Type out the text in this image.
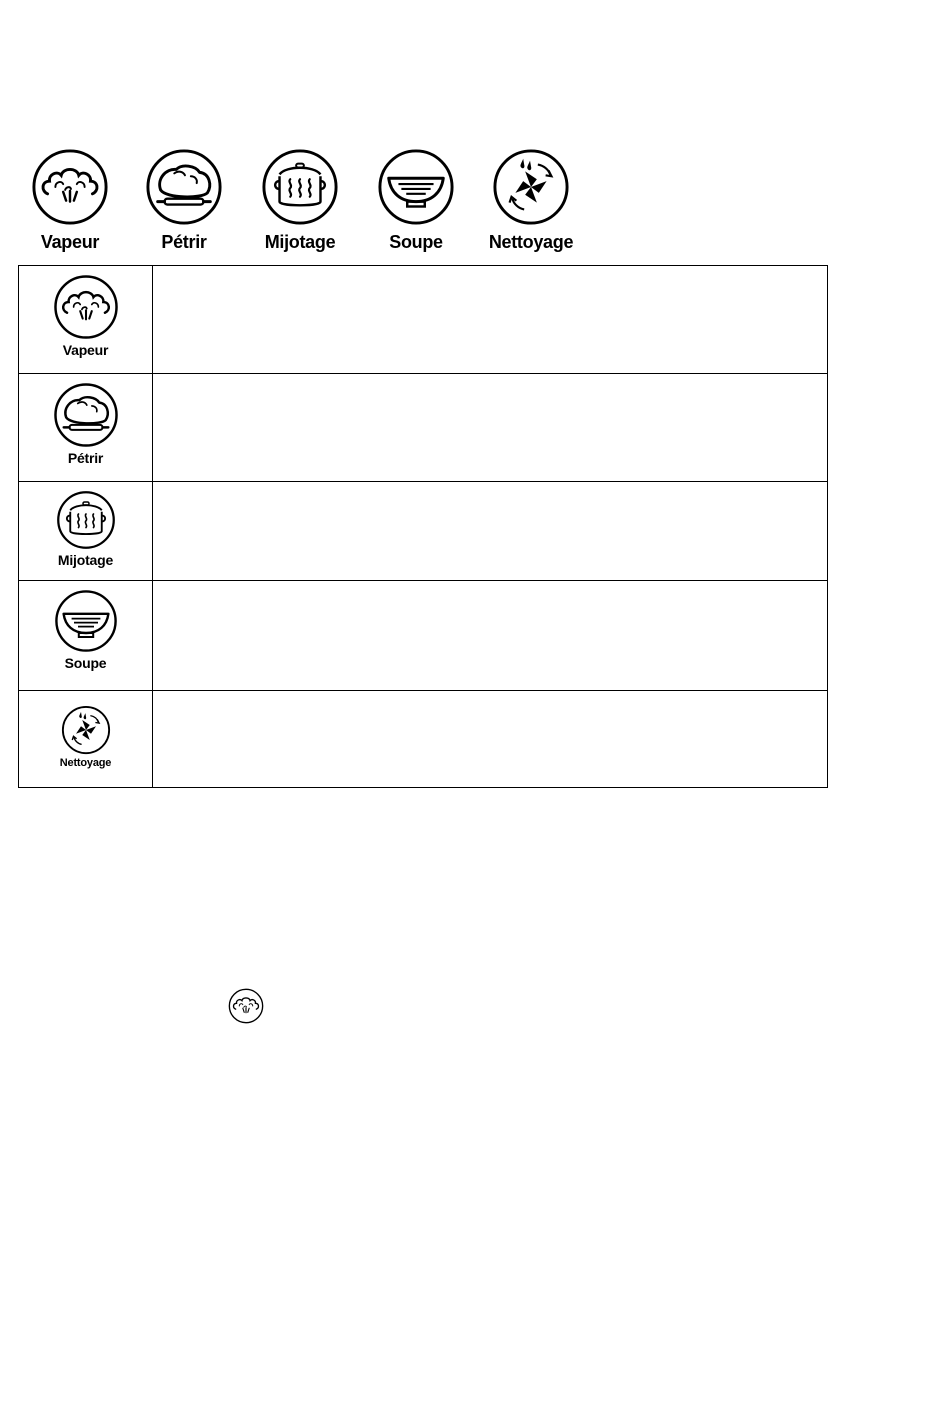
Vapeur	Pétrir	Mijotage	Soupe	Nettoyage
Vapeur	

Pétrir	

Mijotage	

Soupe	

Nettoyage	
